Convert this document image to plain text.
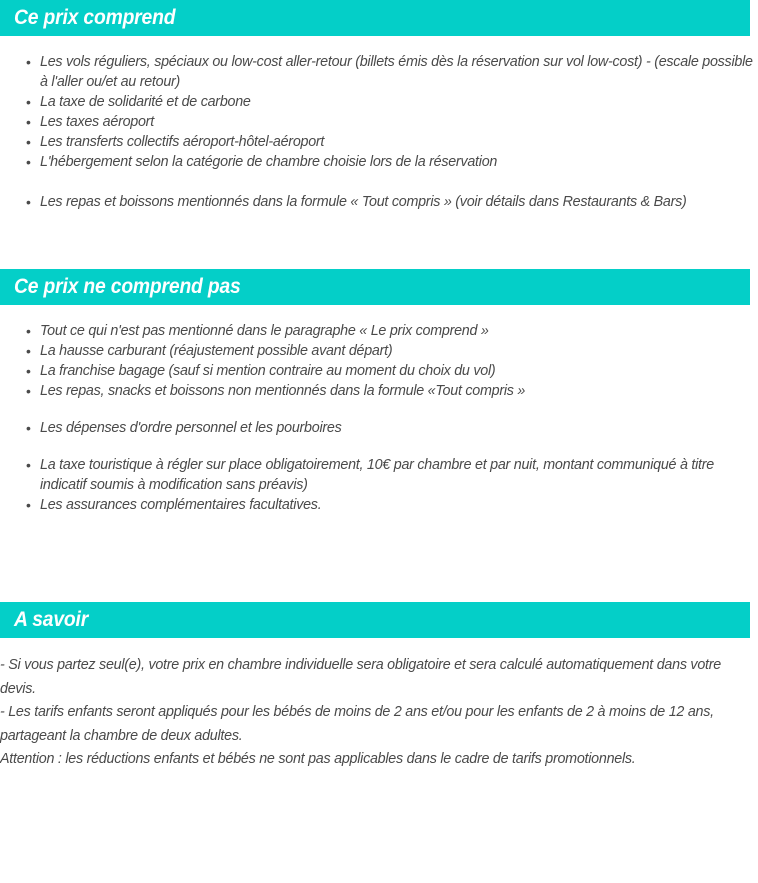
Ce prix comprend
• Les vols réguliers, spéciaux ou low-cost aller-retour (billets émis dès la réservation sur vol low-cost) - (escale possible à l'aller ou/et au retour)
• La taxe de solidarité et de carbone
• Les taxes aéroport
• Les transferts collectifs aéroport-hôtel-aéroport
• L'hébergement selon la catégorie de chambre choisie lors de la réservation
• Les repas et boissons mentionnés dans la formule « Tout compris » (voir détails dans Restaurants & Bars)
Ce prix ne comprend pas
• Tout ce qui n'est pas mentionné dans le paragraphe « Le prix comprend »
• La hausse carburant (réajustement possible avant départ)
• La franchise bagage (sauf si mention contraire au moment du choix du vol)
• Les repas, snacks et boissons non mentionnés dans la formule «Tout compris »
• Les dépenses d'ordre personnel et les pourboires
• La taxe touristique à régler sur place obligatoirement, 10€ par chambre et par nuit, montant communiqué à titre indicatif soumis à modification sans préavis)
• Les assurances complémentaires facultatives.
A savoir

- Si vous partez seul(e), votre prix en chambre individuelle sera obligatoire et sera calculé automatiquement dans votre devis.

- Les tarifs enfants seront appliqués pour les bébés de moins de 2 ans et/ou pour les enfants de 2 à moins de 12 ans, partageant la chambre de deux adultes.

Attention : les réductions enfants et bébés ne sont pas applicables dans le cadre de tarifs promotionnels.
